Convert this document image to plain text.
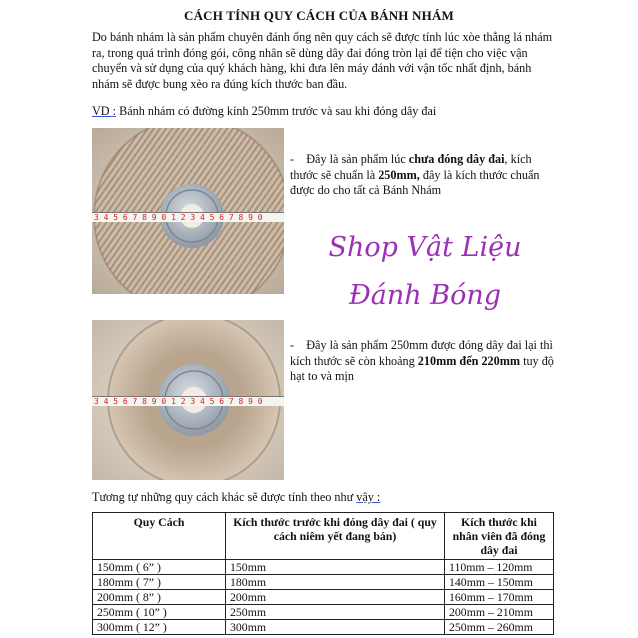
CÁCH TÍNH QUY CÁCH CỦA BÁNH NHÁM
Do bánh nhám là sản phẩm chuyên đánh ống nên quy cách sẽ được tính lúc xòe thẳng lá nhám ra, trong quá trình đóng gói, công nhân sẽ dùng dây đai đóng tròn lại để tiện cho việc vận chuyển và sử dụng của quý khách hàng, khi đưa lên máy đánh với vận tốc nhất định, bánh nhám sẽ được bung xèo ra đúng kích thước ban đầu.
VD : Bánh nhám có đường kính 250mm trước và sau khi đóng dây đai
3 4 5 6 7 8 9 0 1 2 3 4 5 6 7 8 9 0
- Đây là sản phẩm lúc chưa đóng dây đai, kích thước sẽ chuẩn là 250mm, đây là kích thước chuẩn được do cho tất cả Bánh Nhám
Shop Vật Liệu
Đánh Bóng
3 4 5 6 7 8 9 0 1 2 3 4 5 6 7 8 9 0
- Đây là sản phẩm 250mm được đóng dây đai lại thì kích thước sẽ còn khoảng 210mm đến 220mm tuy độ hạt to và mịn
Tương tự những quy cách khác sẽ được tính theo như vậy :
Quy Cách	Kích thước trước khi đóng dây đai ( quy cách niêm yết đang bán)	Kích thước khi nhân viên đã đóng dây đai
150mm ( 6” )	150mm	110mm – 120mm
180mm ( 7” )	180mm	140mm – 150mm
200mm ( 8” )	200mm	160mm – 170mm
250mm ( 10” )	250mm	200mm – 210mm
300mm ( 12” )	300mm	250mm – 260mm
